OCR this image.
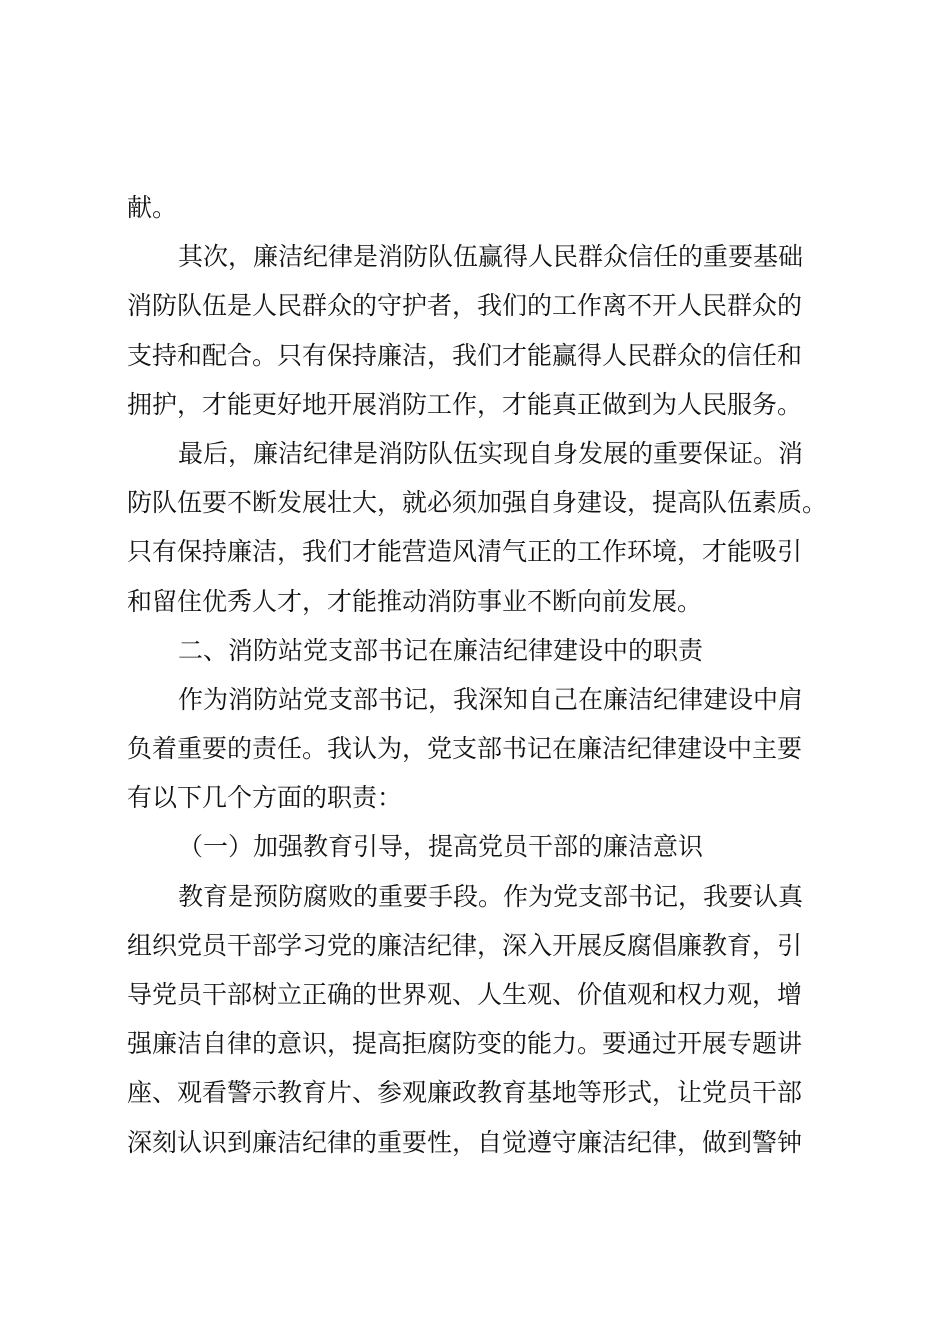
献。
其次，廉洁纪律是消防队伍赢得人民群众信任的重要基础
消防队伍是人民群众的守护者，我们的工作离不开人民群众的
支持和配合。只有保持廉洁，我们才能赢得人民群众的信任和
拥护，才能更好地开展消防工作，才能真正做到为人民服务。
最后，廉洁纪律是消防队伍实现自身发展的重要保证。消
防队伍要不断发展壮大，就必须加强自身建设，提高队伍素质。
只有保持廉洁，我们才能营造风清气正的工作环境，才能吸引
和留住优秀人才，才能推动消防事业不断向前发展。
二、消防站党支部书记在廉洁纪律建设中的职责
作为消防站党支部书记，我深知自己在廉洁纪律建设中肩
负着重要的责任。我认为，党支部书记在廉洁纪律建设中主要
有以下几个方面的职责：
（一）加强教育引导，提高党员干部的廉洁意识
教育是预防腐败的重要手段。作为党支部书记，我要认真
组织党员干部学习党的廉洁纪律，深入开展反腐倡廉教育，引
导党员干部树立正确的世界观、人生观、价值观和权力观，增
强廉洁自律的意识，提高拒腐防变的能力。要通过开展专题讲
座、观看警示教育片、参观廉政教育基地等形式，让党员干部
深刻认识到廉洁纪律的重要性，自觉遵守廉洁纪律，做到警钟
